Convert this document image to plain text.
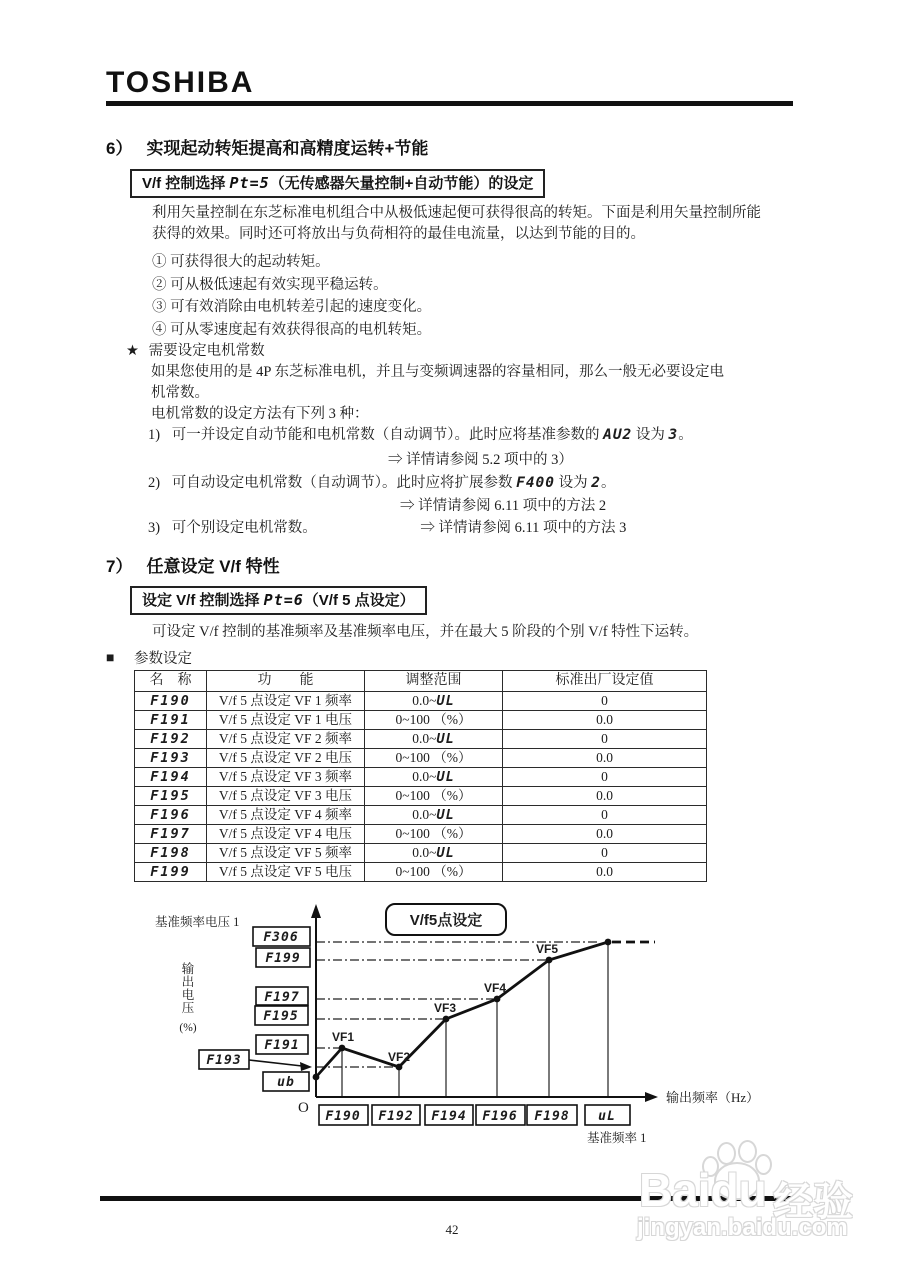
TOSHIBA
6） 实现起动转矩提高和高精度运转+节能
V/f 控制选择 Pt=5（无传感器矢量控制+自动节能）的设定
利用矢量控制在东芝标准电机组合中从极低速起便可获得很高的转矩。下面是利用矢量控制所能
获得的效果。同时还可将放出与负荷相符的最佳电流量，以达到节能的目的。
① 可获得很大的起动转矩。
② 可从极低速起有效实现平稳运转。
③ 可有效消除由电机转差引起的速度变化。
④ 可从零速度起有效获得很高的电机转矩。
★ 需要设定电机常数
如果您使用的是 4P 东芝标准电机，并且与变频调速器的容量相同，那么一般无必要设定电
机常数。
电机常数的设定方法有下列 3 种：
1) 可一并设定自动节能和电机常数（自动调节）。此时应将基准参数的 AU2 设为 3。
⇒ 详情请参阅 5.2 项中的 3）
2) 可自动设定电机常数（自动调节）。此时应将扩展参数 F400 设为 2。
⇒ 详情请参阅 6.11 项中的方法 2
3) 可个别设定电机常数。	⇒ 详情请参阅 6.11 项中的方法 3
7） 任意设定 V/f 特性
设定 V/f 控制选择 Pt=6（V/f 5 点设定）
可设定 V/f 控制的基准频率及基准频率电压，并在最大 5 阶段的个别 V/f 特性下运转。
■ 参数设定
名　称	功　　能	调整范围	标准出厂设定值
F190	V/f 5 点设定 VF 1 频率	0.0~UL	0
F191	V/f 5 点设定 VF 1 电压	0~100 （%）	0.0
F192	V/f 5 点设定 VF 2 频率	0.0~UL	0
F193	V/f 5 点设定 VF 2 电压	0~100 （%）	0.0
F194	V/f 5 点设定 VF 3 频率	0.0~UL	0
F195	V/f 5 点设定 VF 3 电压	0~100 （%）	0.0
F196	V/f 5 点设定 VF 4 频率	0.0~UL	0
F197	V/f 5 点设定 VF 4 电压	0~100 （%）	0.0
F198	V/f 5 点设定 VF 5 频率	0.0~UL	0
F199	V/f 5 点设定 VF 5 电压	0~100 （%）	0.0
V/f5点设定
基准频率电压 1
输
出
电
压
(%)
F306
F199
F197
F195
F191
F193
ub
VF1
VF2
VF3
VF4
VF5
O
输出频率（Hz）
F190 F192 F194 F196 F198 uL
基准频率 1
Baidu 经验
jingyan.baidu.com
42
